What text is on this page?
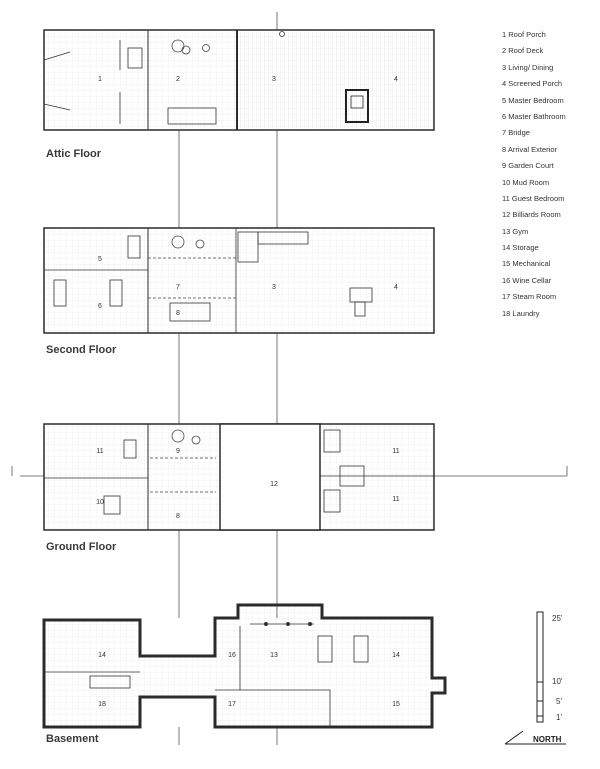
1	2	3	4
5
6
7
8
3	4
11	9
10
8
12
11
11
14
18
16	13
17
14
15
Attic Floor
Second Floor
Ground Floor
Basement
1 Roof Porch
2 Roof Deck
3 Living/ Dining
4 Screened Porch
5 Master Bedroom
6 Master Bathroom
7 Bridge
8 Arrival Exterior
9 Garden Court
10 Mud Room
11 Guest Bedroom
12 Billiards Room
13 Gym
14 Storage
15 Mechanical
16 Wine Cellar
17 Steam Room
18 Laundry
25'
10'
5'
1'
NORTH
